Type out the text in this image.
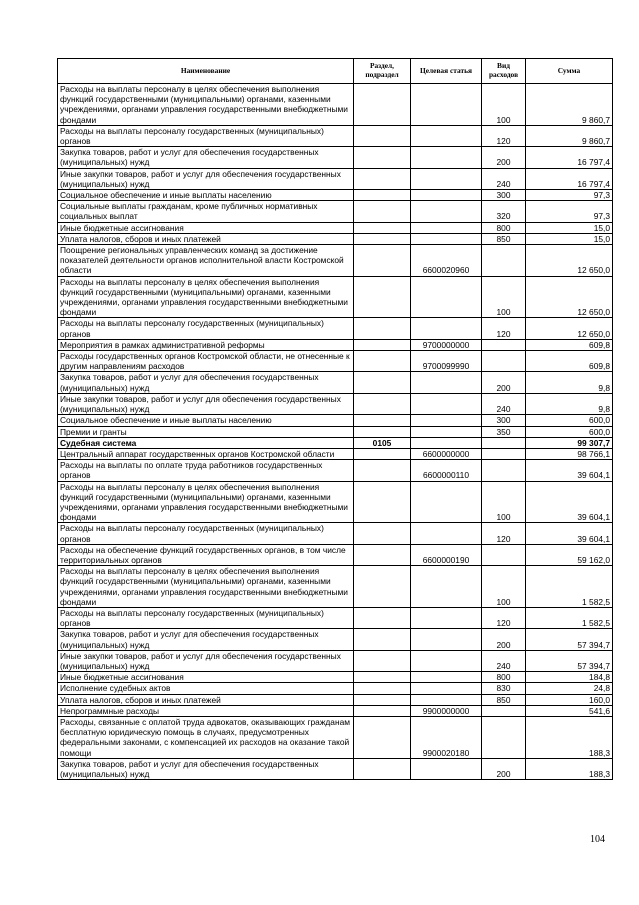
Наименование	Раздел, подраздел	Целевая статья	Вид расходов	Сумма
Расходы на выплаты персоналу в целях обеспечения выполнения функций государственными (муниципальными) органами, казенными учреждениями, органами управления государственными внебюджетными фондами			100	9 860,7
Расходы на выплаты персоналу государственных (муниципальных) органов			120	9 860,7
Закупка товаров, работ и услуг для обеспечения государственных (муниципальных) нужд			200	16 797,4
Иные закупки товаров, работ и услуг для обеспечения государственных (муниципальных) нужд			240	16 797,4
Социальное обеспечение и иные выплаты населению			300	97,3
Социальные выплаты гражданам, кроме публичных нормативных социальных выплат			320	97,3
Иные бюджетные ассигнования			800	15,0
Уплата налогов, сборов и иных платежей			850	15,0
Поощрение региональных управленческих команд за достижение показателей деятельности органов исполнительной власти Костромской области		6600020960		12 650,0
Расходы на выплаты персоналу в целях обеспечения выполнения функций государственными (муниципальными) органами, казенными учреждениями, органами управления государственными внебюджетными фондами			100	12 650,0
Расходы на выплаты персоналу государственных (муниципальных) органов			120	12 650,0
Мероприятия в рамках административной реформы		9700000000		609,8
Расходы государственных органов Костромской области, не отнесенные к другим направлениям расходов		9700099990		609,8
Закупка товаров, работ и услуг для обеспечения государственных (муниципальных) нужд			200	9,8
Иные закупки товаров, работ и услуг для обеспечения государственных (муниципальных) нужд			240	9,8
Социальное обеспечение и иные выплаты населению			300	600,0
Премии и гранты			350	600,0
Судебная система	0105			99 307,7
Центральный аппарат государственных органов Костромской области		6600000000		98 766,1
Расходы на выплаты по оплате труда работников государственных органов		6600000110		39 604,1
Расходы на выплаты персоналу в целях обеспечения выполнения функций государственными (муниципальными) органами, казенными учреждениями, органами управления государственными внебюджетными фондами			100	39 604,1
Расходы на выплаты персоналу государственных (муниципальных) органов			120	39 604,1
Расходы на обеспечение функций государственных органов, в том числе территориальных органов		6600000190		59 162,0
Расходы на выплаты персоналу в целях обеспечения выполнения функций государственными (муниципальными) органами, казенными учреждениями, органами управления государственными внебюджетными фондами			100	1 582,5
Расходы на выплаты персоналу государственных (муниципальных) органов			120	1 582,5
Закупка товаров, работ и услуг для обеспечения государственных (муниципальных) нужд			200	57 394,7
Иные закупки товаров, работ и услуг для обеспечения государственных (муниципальных) нужд			240	57 394,7
Иные бюджетные ассигнования			800	184,8
Исполнение судебных актов			830	24,8
Уплата налогов, сборов и иных платежей			850	160,0
Непрограммные расходы		9900000000		541,6
Расходы, связанные с оплатой труда адвокатов, оказывающих гражданам бесплатную юридическую помощь в случаях, предусмотренных федеральными законами, с компенсацией их расходов на оказание такой помощи		9900020180		188,3
Закупка товаров, работ и услуг для обеспечения государственных (муниципальных) нужд			200	188,3
104
